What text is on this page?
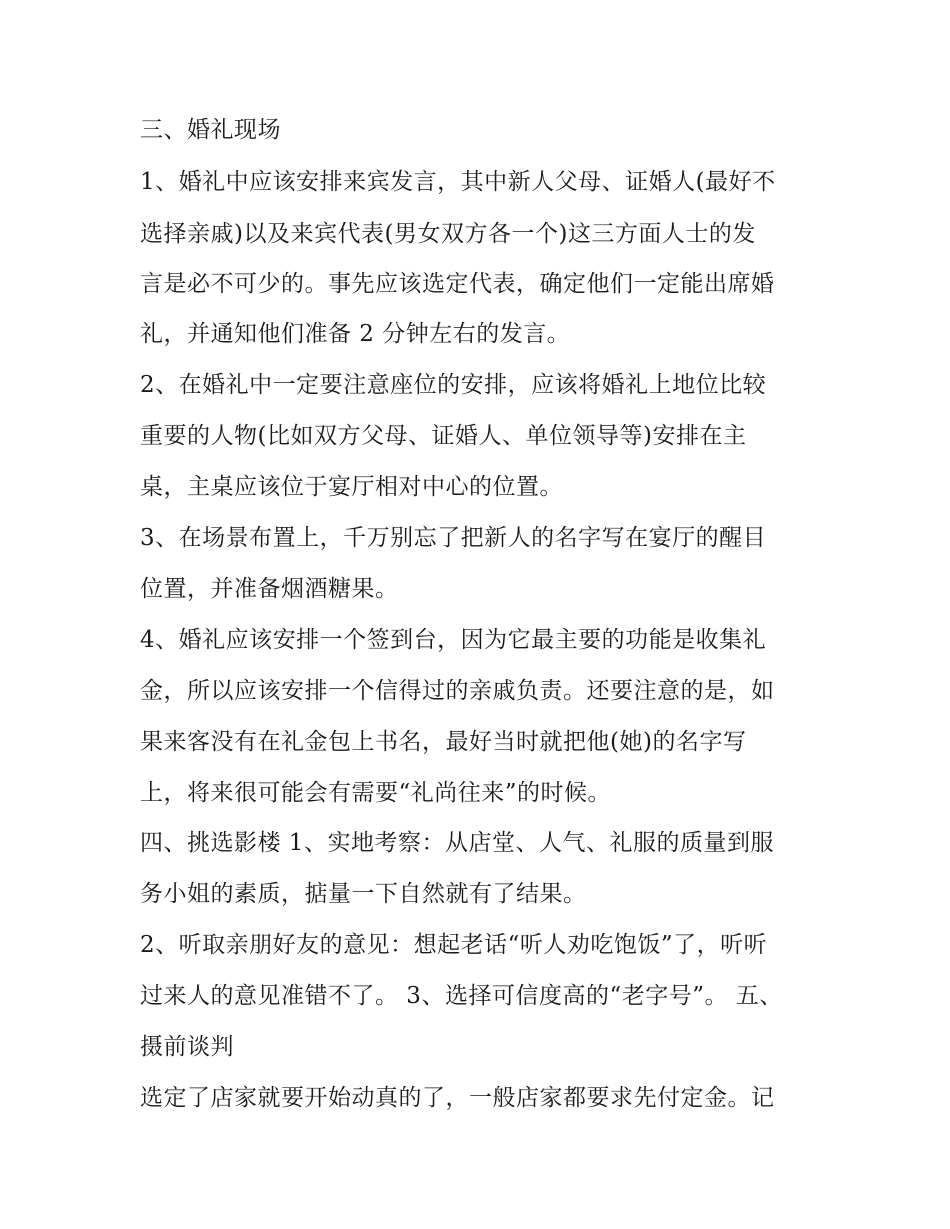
三、婚礼现场
1、婚礼中应该安排来宾发言，其中新人父母、证婚人(最好不
选择亲戚)以及来宾代表(男女双方各一个)这三方面人士的发
言是必不可少的。事先应该选定代表，确定他们一定能出席婚
礼，并通知他们准备 2 分钟左右的发言。
2、在婚礼中一定要注意座位的安排，应该将婚礼上地位比较
重要的人物(比如双方父母、证婚人、单位领导等)安排在主
桌，主桌应该位于宴厅相对中心的位置。
3、在场景布置上，千万别忘了把新人的名字写在宴厅的醒目
位置，并准备烟酒糖果。
4、婚礼应该安排一个签到台，因为它最主要的功能是收集礼
金，所以应该安排一个信得过的亲戚负责。还要注意的是，如
果来客没有在礼金包上书名，最好当时就把他(她)的名字写
上，将来很可能会有需要“礼尚往来”的时候。
四、挑选影楼 1、实地考察：从店堂、人气、礼服的质量到服
务小姐的素质，掂量一下自然就有了结果。
2、听取亲朋好友的意见：想起老话“听人劝吃饱饭”了，听听
过来人的意见准错不了。 3、选择可信度高的“老字号”。 五、
摄前谈判
选定了店家就要开始动真的了，一般店家都要求先付定金。记
